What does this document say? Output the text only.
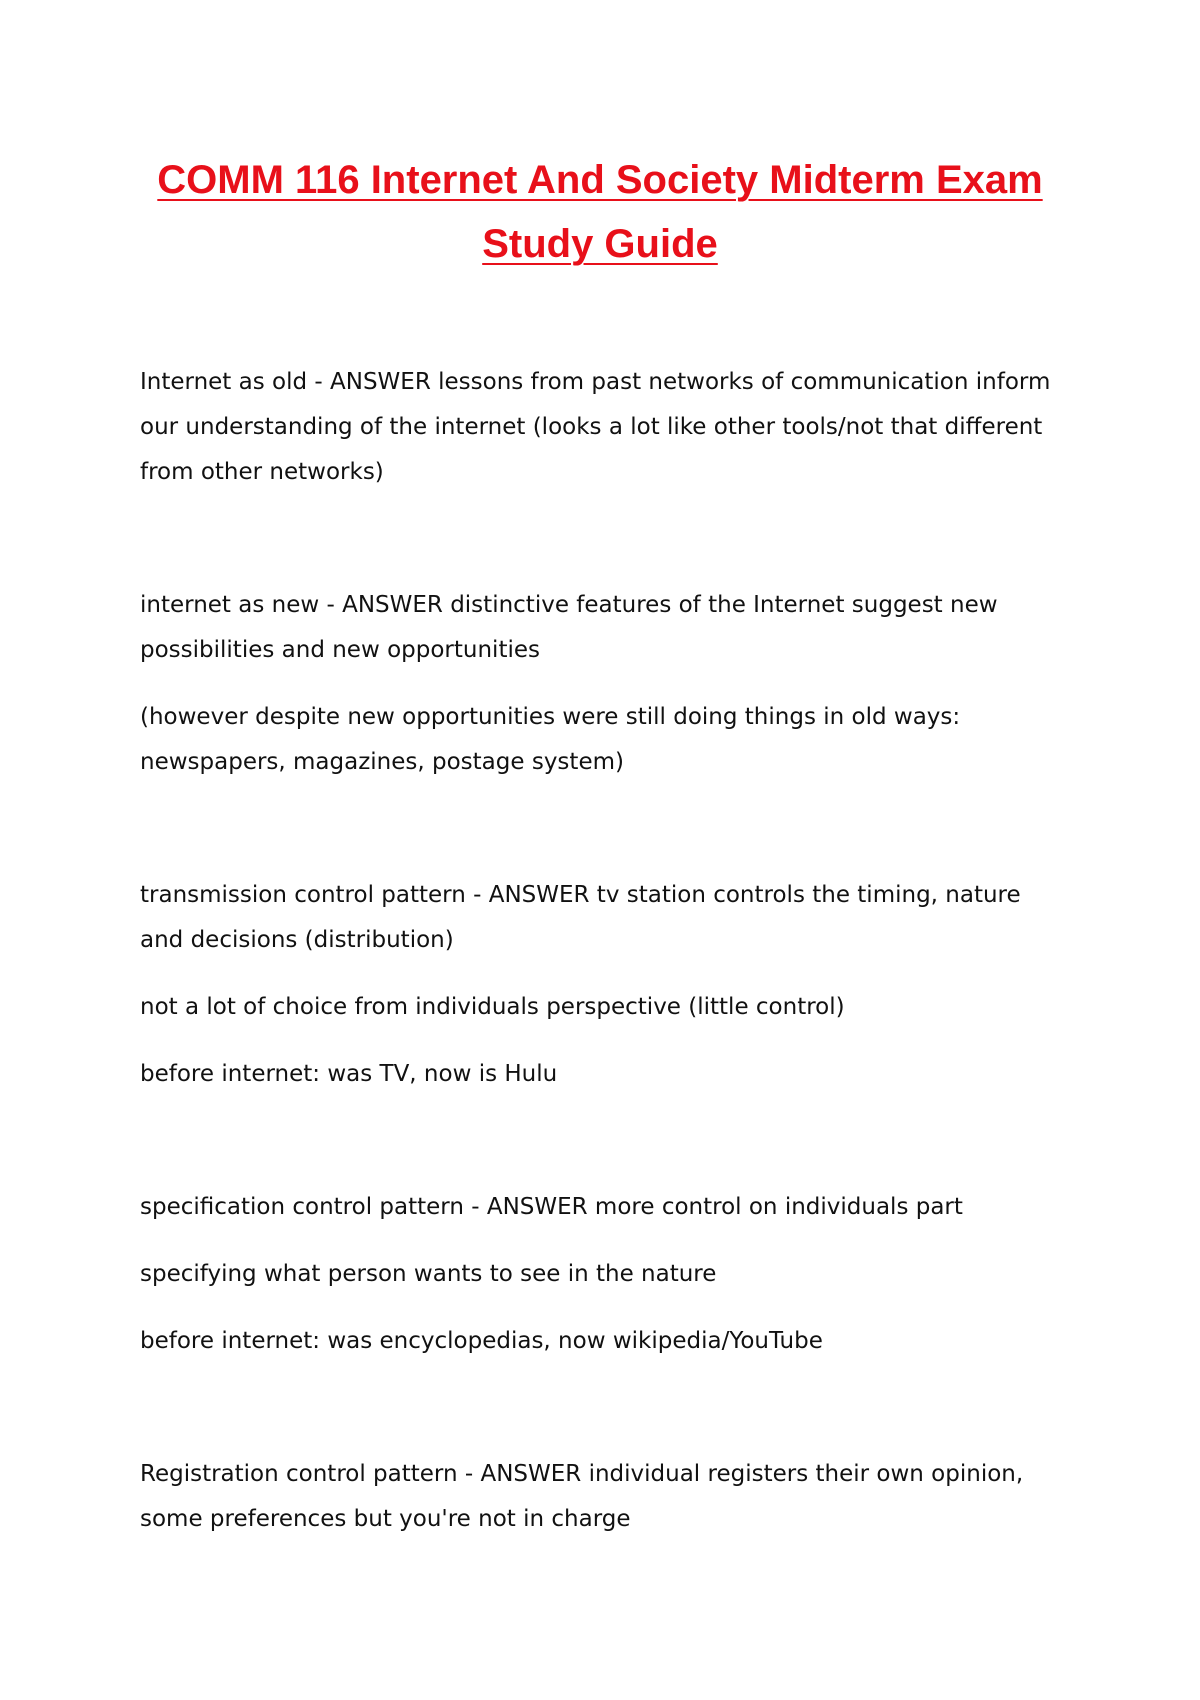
COMM 116 Internet And Society Midterm Exam
Study Guide

Internet as old - ANSWER lessons from past networks of communication inform our understanding of the internet (looks a lot like other tools/not that different from other networks)

internet as new - ANSWER distinctive features of the Internet suggest new possibilities and new opportunities

(however despite new opportunities were still doing things in old ways: newspapers, magazines, postage system)

transmission control pattern - ANSWER tv station controls the timing, nature and decisions (distribution)

not a lot of choice from individuals perspective (little control)

before internet: was TV, now is Hulu

specification control pattern - ANSWER more control on individuals part

specifying what person wants to see in the nature

before internet: was encyclopedias, now wikipedia/YouTube

Registration control pattern - ANSWER individual registers their own opinion, some preferences but you're not in charge
